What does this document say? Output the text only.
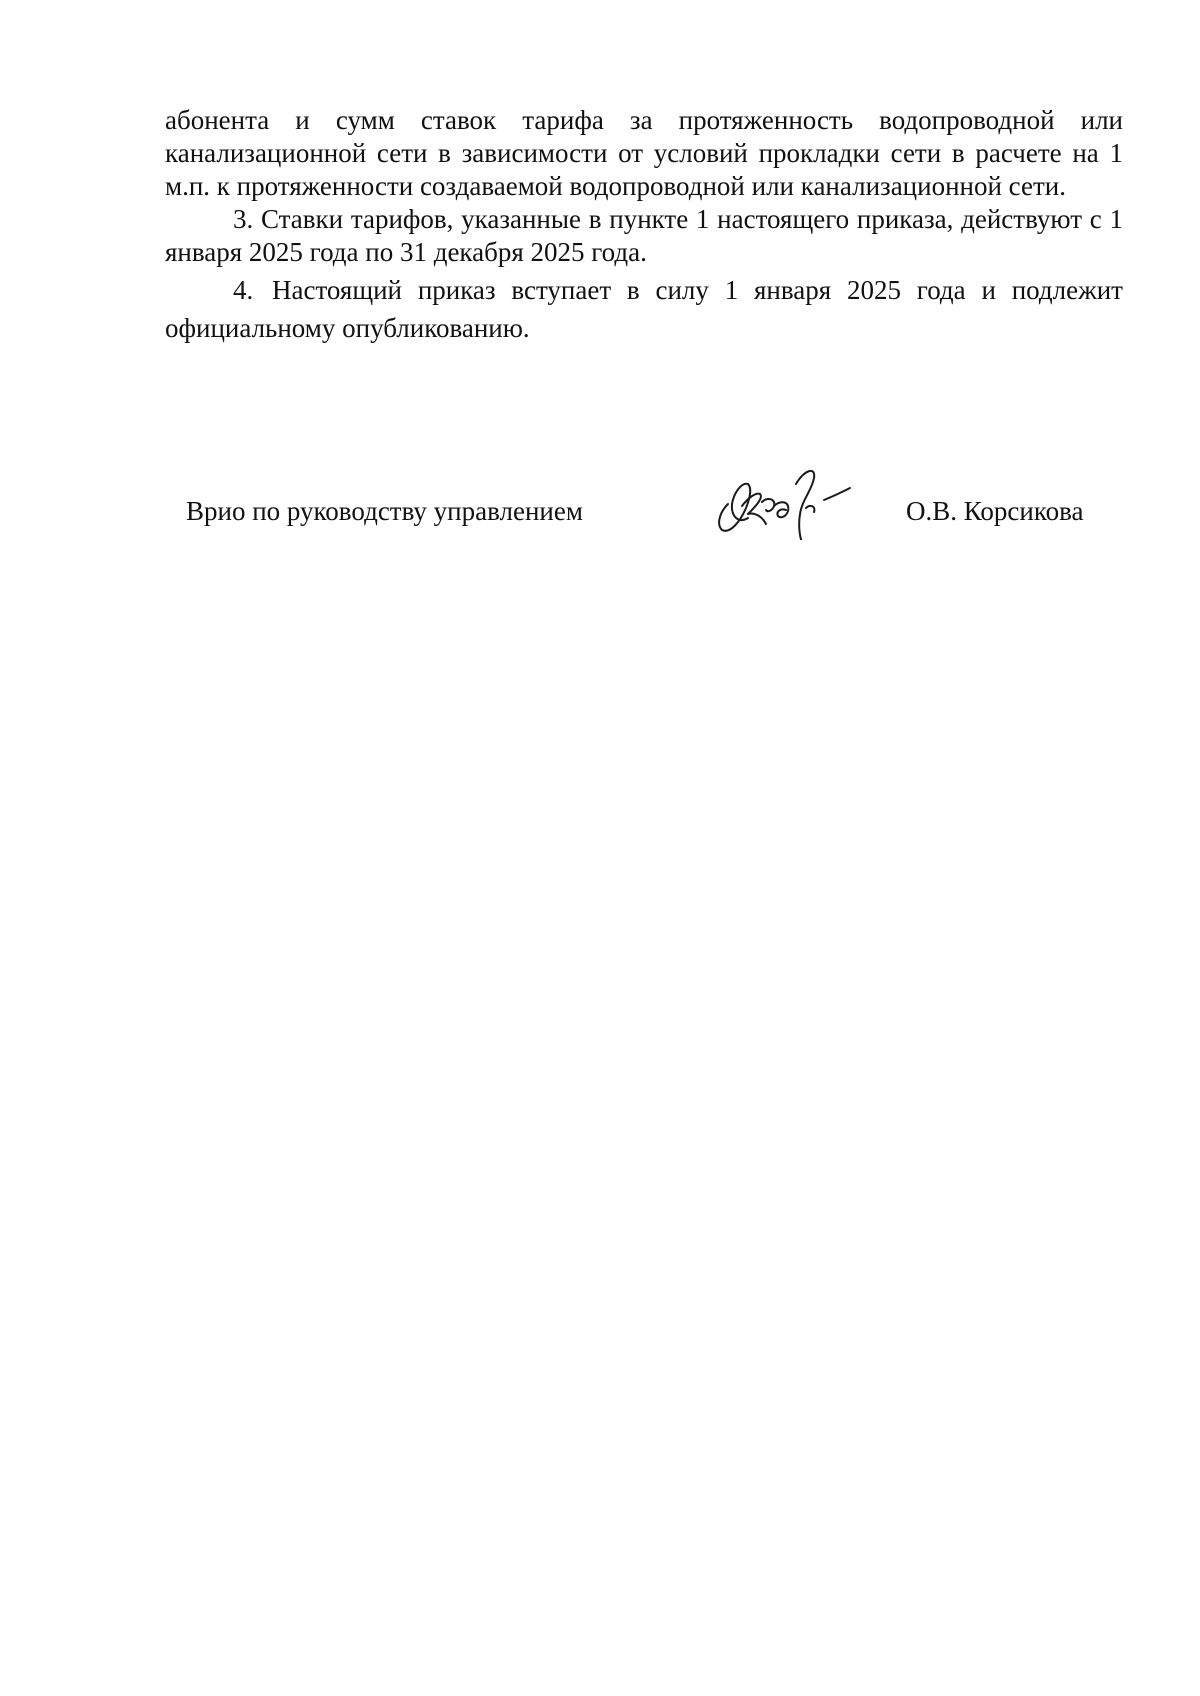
абонента и сумм ставок тарифа за протяженность водопроводной или канализационной сети в зависимости от условий прокладки сети в расчете на 1 м.п. к протяженности создаваемой водопроводной или канализационной сети.

3. Ставки тарифов, указанные в пункте 1 настоящего приказа, действуют с 1 января 2025 года по 31 декабря 2025 года.

4. Настоящий приказ вступает в силу 1 января 2025 года и подлежит официальному опубликованию.

Врио по руководству управлением	О.В. Корсикова
